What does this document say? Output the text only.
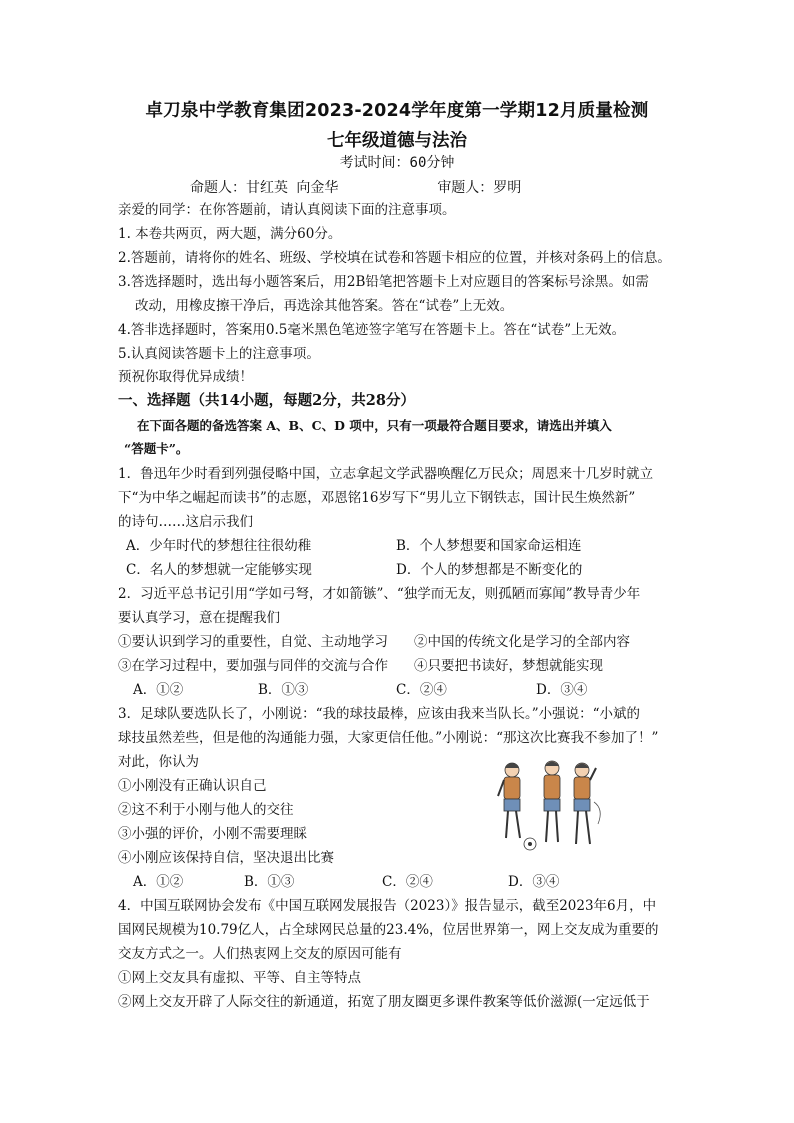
卓刀泉中学教育集团2023-2024学年度第一学期12月质量检测
七年级道德与法治
考试时间：60分钟
命题人：甘红英 向金华	审题人：罗明
亲爱的同学：在你答题前，请认真阅读下面的注意事项。
1. 本卷共两页，两大题，满分60分。
2.答题前，请将你的姓名、班级、学校填在试卷和答题卡相应的位置，并核对条码上的信息。
3.答选择题时，选出每小题答案后，用2B铅笔把答题卡上对应题目的答案标号涂黑。如需
改动，用橡皮擦干净后，再选涂其他答案。答在“试卷”上无效。
4.答非选择题时，答案用0.5毫米黑色笔迹签字笔写在答题卡上。答在“试卷”上无效。
5.认真阅读答题卡上的注意事项。
预祝你取得优异成绩！
一、选择题（共14小题，每题2分，共28分）
在下面各题的备选答案 A、B、C、D 项中，只有一项最符合题目要求，请选出并填入
“答题卡”。
1．鲁迅年少时看到列强侵略中国，立志拿起文学武器唤醒亿万民众；周恩来十几岁时就立
下“为中华之崛起而读书”的志愿，邓恩铭16岁写下“男儿立下钢铁志，国计民生焕然新”
的诗句……这启示我们
A．少年时代的梦想往往很幼稚	B．个人梦想要和国家命运相连
C．名人的梦想就一定能够实现	D．个人的梦想都是不断变化的
2．习近平总书记引用“学如弓弩，才如箭镞”、“独学而无友，则孤陋而寡闻”教导青少年
要认真学习，意在提醒我们
①要认识到学习的重要性，自觉、主动地学习 ②中国的传统文化是学习的全部内容
③在学习过程中，要加强与同伴的交流与合作 ④只要把书读好，梦想就能实现
A．①②	B．①③	C．②④	D．③④
3．足球队要选队长了，小刚说：“我的球技最棒，应该由我来当队长。”小强说：“小斌的
球技虽然差些，但是他的沟通能力强，大家更信任他。”小刚说：“那这次比赛我不参加了！”
对此，你认为
①小刚没有正确认识自己
②这不利于小刚与他人的交往
③小强的评价，小刚不需要理睬
④小刚应该保持自信，坚决退出比赛
A．①②	B．①③	C．②④	D．③④
4．中国互联网协会发布《中国互联网发展报告（2023）》报告显示，截至2023年6月，中
国网民规模为10.79亿人，占全球网民总量的23.4%，位居世界第一，网上交友成为重要的
交友方式之一。人们热衷网上交友的原因可能有
①网上交友具有虚拟、平等、自主等特点
②网上交友开辟了人际交往的新通道，拓宽了朋友圈更多课件教案等低价滋源(一定远低于
